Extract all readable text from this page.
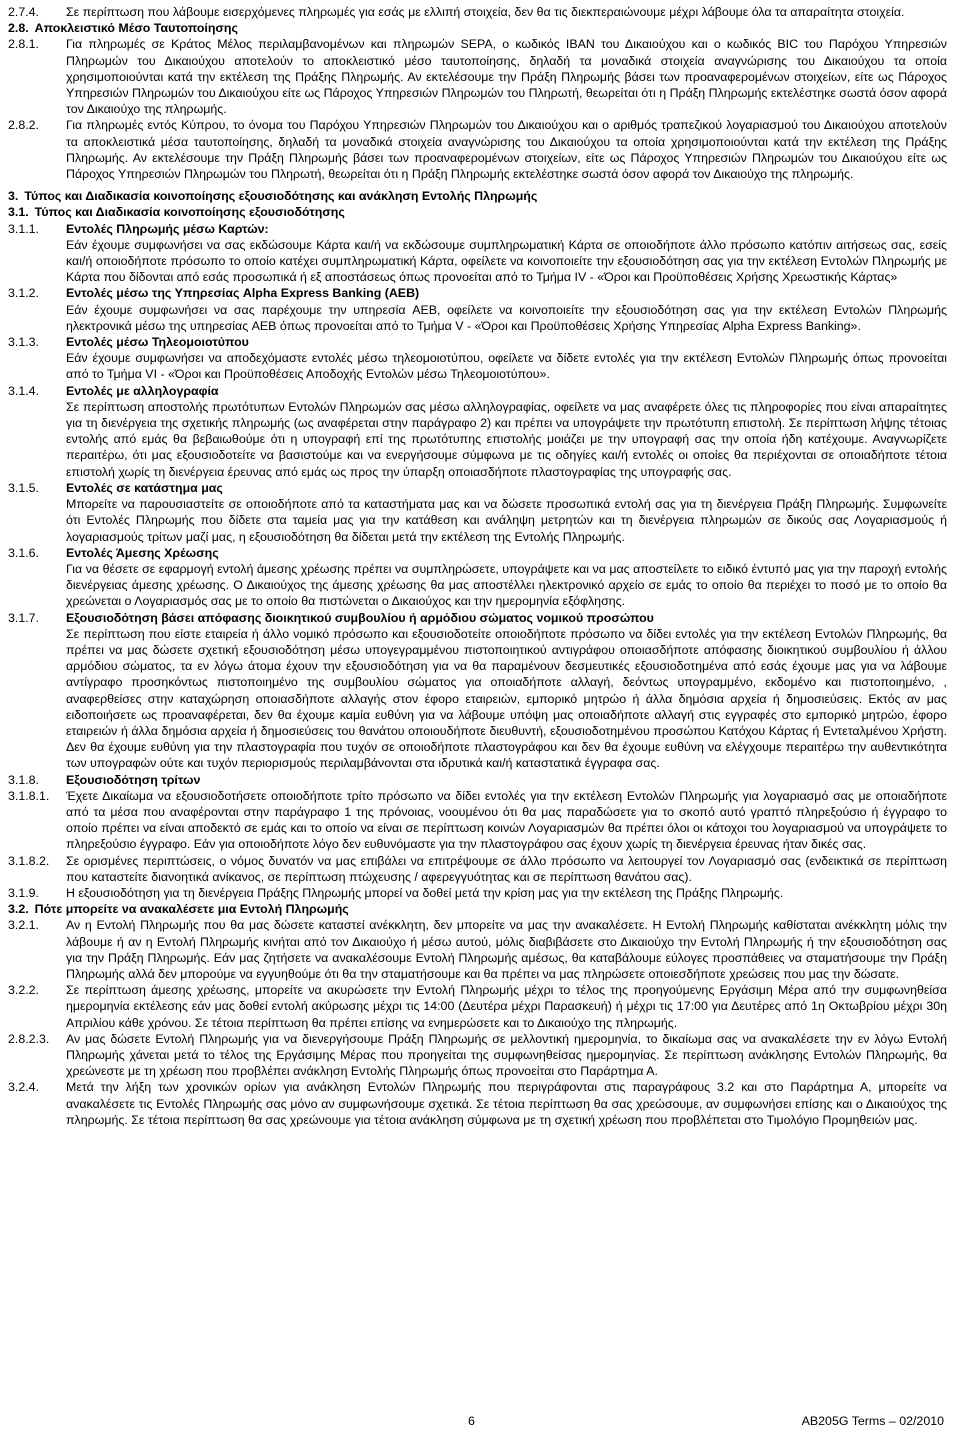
2.7.4.	Σε περίπτωση που λάβουμε εισερχόμενες πληρωμές για εσάς με ελλιπή στοιχεία, δεν θα τις διεκπεραιώνουμε μέχρι λάβουμε όλα τα απαραίτητα στοιχεία.
2.8. Αποκλειστικό Μέσο Ταυτοποίησης
2.8.1.	Για πληρωμές σε Κράτος Μέλος περιλαμβανομένων και πληρωμών SEPA, ο κωδικός IBAN του Δικαιούχου και ο κωδικός BIC του Παρόχου Υπηρεσιών Πληρωμών του Δικαιούχου αποτελούν το αποκλειστικό μέσο ταυτοποίησης, δηλαδή τα μοναδικά στοιχεία αναγνώρισης του Δικαιούχου τα οποία χρησιμοποιούνται κατά την εκτέλεση της Πράξης Πληρωμής. Αν εκτελέσουμε την Πράξη Πληρωμής βάσει των προαναφερομένων στοιχείων, είτε ως Πάροχος Υπηρεσιών Πληρωμών του Δικαιούχου είτε ως Πάροχος Υπηρεσιών Πληρωμών του Πληρωτή, θεωρείται ότι η Πράξη Πληρωμής εκτελέστηκε σωστά όσον αφορά τον Δικαιούχο της πληρωμής.
2.8.2.	Για πληρωμές εντός Κύπρου, το όνομα του Παρόχου Υπηρεσιών Πληρωμών του Δικαιούχου και ο αριθμός τραπεζικού λογαριασμού του Δικαιούχου αποτελούν τα αποκλειστικά μέσα ταυτοποίησης, δηλαδή τα μοναδικά στοιχεία αναγνώρισης του Δικαιούχου τα οποία χρησιμοποιούνται κατά την εκτέλεση της Πράξης Πληρωμής. Αν εκτελέσουμε την Πράξη Πληρωμής βάσει των προαναφερομένων στοιχείων, είτε ως Πάροχος Υπηρεσιών Πληρωμών του Δικαιούχου είτε ως Πάροχος Υπηρεσιών Πληρωμών του Πληρωτή, θεωρείται ότι η Πράξη Πληρωμής εκτελέστηκε σωστά όσον αφορά τον Δικαιούχο της πληρωμής.
3. Τύπος και Διαδικασία κοινοποίησης εξουσιοδότησης και ανάκληση Εντολής Πληρωμής
3.1. Τύπος και Διαδικασία κοινοποίησης εξουσιοδότησης
3.1.1.	Εντολές Πληρωμής μέσω Καρτών:
Εάν έχουμε συμφωνήσει να σας εκδώσουμε Κάρτα και/ή να εκδώσουμε συμπληρωματική Κάρτα σε οποιοδήποτε άλλο πρόσωπο κατόπιν αιτήσεως σας, εσείς και/ή οποιοδήποτε πρόσωπο το οποίο κατέχει συμπληρωματική Κάρτα, οφείλετε να κοινοποιείτε την εξουσιοδότηση σας για την εκτέλεση Εντολών Πληρωμής με Κάρτα που δίδονται από εσάς προσωπικά ή εξ αποστάσεως όπως προνοείται από το Τμήμα IV - «Όροι και Προϋποθέσεις Χρήσης Χρεωστικής Κάρτας»
3.1.2.	Εντολές μέσω της Υπηρεσίας Alpha Express Banking (AEB)
Εάν έχουμε συμφωνήσει να σας παρέχουμε την υπηρεσία AEB, οφείλετε να κοινοποιείτε την εξουσιοδότηση σας για την εκτέλεση Εντολών Πληρωμής ηλεκτρονικά μέσω της υπηρεσίας AEB όπως προνοείται από το Τμήμα V - «Όροι και Προϋποθέσεις Χρήσης Υπηρεσίας Alpha Express Banking».
3.1.3.	Εντολές μέσω Τηλεομοιοτύπου
Εάν έχουμε συμφωνήσει να αποδεχόμαστε εντολές μέσω τηλεομοιοτύπου, οφείλετε να δίδετε εντολές για την εκτέλεση Εντολών Πληρωμής όπως προνοείται από το Τμήμα VI - «Όροι και Προϋποθέσεις Αποδοχής Εντολών μέσω Τηλεομοιοτύπου».
3.1.4.	Εντολές με αλληλογραφία
Σε περίπτωση αποστολής πρωτότυπων Εντολών Πληρωμών σας μέσω αλληλογραφίας, οφείλετε να μας αναφέρετε όλες τις πληροφορίες που είναι απαραίτητες για τη διενέργεια της σχετικής πληρωμής (ως αναφέρεται στην παράγραφο 2) και πρέπει να υπογράψετε την πρωτότυπη επιστολή. Σε περίπτωση λήψης τέτοιας εντολής από εμάς θα βεβαιωθούμε ότι η υπογραφή επί της πρωτότυπης επιστολής μοιάζει με την υπογραφή σας την οποία ήδη κατέχουμε. Αναγνωρίζετε περαιτέρω, ότι μας εξουσιοδοτείτε να βασιστούμε και να ενεργήσουμε σύμφωνα με τις οδηγίες και/ή εντολές οι οποίες θα περιέχονται σε οποιαδήποτε τέτοια επιστολή χωρίς τη διενέργεια έρευνας από εμάς ως προς την ύπαρξη οποιασδήποτε πλαστογραφίας της υπογραφής σας.
3.1.5.	Εντολές σε κατάστημα μας
Μπορείτε να παρουσιαστείτε σε οποιοδήποτε από τα καταστήματα μας και να δώσετε προσωπικά εντολή σας για τη διενέργεια Πράξη Πληρωμής. Συμφωνείτε ότι Εντολές Πληρωμής που δίδετε στα ταμεία μας για την κατάθεση και ανάληψη μετρητών και τη διενέργεια πληρωμών σε δικούς σας Λογαριασμούς ή λογαριασμούς τρίτων μαζί μας, η εξουσιοδότηση θα δίδεται μετά την εκτέλεση της Εντολής Πληρωμής.
3.1.6.	Εντολές Άμεσης Χρέωσης
Για να θέσετε σε εφαρμογή εντολή άμεσης χρέωσης πρέπει να συμπληρώσετε, υπογράψετε και να μας αποστείλετε το ειδικό έντυπό μας για την παροχή εντολής διενέργειας άμεσης χρέωσης. Ο Δικαιούχος της άμεσης χρέωσης θα μας αποστέλλει ηλεκτρονικό αρχείο σε εμάς το οποίο θα περιέχει το ποσό με το οποίο θα χρεώνεται ο Λογαριασμός σας με το οποίο θα πιστώνεται ο Δικαιούχος και την ημερομηνία εξόφλησης.
3.1.7.	Εξουσιοδότηση βάσει απόφασης διοικητικού συμβουλίου ή αρμόδιου σώματος νομικού προσώπου
Σε περίπτωση που είστε εταιρεία ή άλλο νομικό πρόσωπο και εξουσιοδοτείτε οποιοδήποτε πρόσωπο να δίδει εντολές για την εκτέλεση Εντολών Πληρωμής, θα πρέπει να μας δώσετε σχετική εξουσιοδότηση μέσω υπογεγραμμένου πιστοποιητικού αντιγράφου οποιασδήποτε απόφασης διοικητικού συμβουλίου ή άλλου αρμόδιου σώματος, τα εν λόγω άτομα έχουν την εξουσιοδότηση για να θα παραμένουν δεσμευτικές εξουσιοδοτημένα από εσάς έχουμε μας για να λάβουμε αντίγραφο προσηκόντως πιστοποιημένο της συμβουλίου σώματος για οποιαδήποτε αλλαγή, δεόντως υπογραμμένο, εκδομένο και πιστοποιημένο, , αναφερθείσες στην καταχώρηση οποιασδήποτε αλλαγής στον έφορο εταιρειών, εμπορικό μητρώο ή άλλα δημόσια αρχεία ή δημοσιεύσεις. Εκτός αν μας ειδοποιήσετε ως προαναφέρεται, δεν θα έχουμε καμία ευθύνη για να λάβουμε υπόψη μας οποιαδήποτε αλλαγή στις εγγραφές στο εμπορικό μητρώο, έφορο εταιρειών ή άλλα δημόσια αρχεία ή δημοσιεύσεις του θανάτου οποιουδήποτε διευθυντή, εξουσιοδοτημένου προσώπου Κατόχου Κάρτας ή Εντεταλμένου Χρήστη. Δεν θα έχουμε ευθύνη για την πλαστογραφία που τυχόν σε οποιοδήποτε πλαστογράφου και δεν θα έχουμε ευθύνη να ελέγχουμε περαιτέρω την αυθεντικότητα των υπογραφών ούτε και τυχόν περιορισμούς περιλαμβάνονται στα ιδρυτικά και/ή καταστατικά έγγραφα σας.
3.1.8.	Εξουσιοδότηση τρίτων
3.1.8.1.	Έχετε Δικαίωμα να εξουσιοδοτήσετε οποιοδήποτε τρίτο πρόσωπο να δίδει εντολές για την εκτέλεση Εντολών Πληρωμής για λογαριασμό σας με οποιαδήποτε από τα μέσα που αναφέρονται στην παράγραφο 1 της πρόνοιας, νοουμένου ότι θα μας παραδώσετε για το σκοπό αυτό γραπτό πληρεξούσιο ή έγγραφο το οποίο πρέπει να είναι αποδεκτό σε εμάς και το οποίο να είναι σε περίπτωση κοινών Λογαριασμών θα πρέπει όλοι οι κάτοχοι του λογαριασμού να υπογράψετε το πληρεξούσιο έγγραφο. Εάν για οποιοδήποτε λόγο δεν ευθυνόμαστε για την πλαστογράφου σας έχουν χωρίς τη διενέργεια έρευνας ήταν δικές σας.
3.1.8.2.	Σε ορισμένες περιπτώσεις, ο νόμος δυνατόν να μας επιβάλει να επιτρέψουμε σε άλλο πρόσωπο να λειτουργεί τον Λογαριασμό σας (ενδεικτικά σε περίπτωση που καταστείτε διανοητικά ανίκανος, σε περίπτωση πτώχευσης / αφερεγγυότητας και σε περίπτωση θανάτου σας).
3.1.9.	Η εξουσιοδότηση για τη διενέργεια Πράξης Πληρωμής μπορεί να δοθεί μετά την κρίση μας για την εκτέλεση της Πράξης Πληρωμής.
3.2. Πότε μπορείτε να ανακαλέσετε μια Εντολή Πληρωμής
3.2.1.	Αν η Εντολή Πληρωμής που θα μας δώσετε καταστεί ανέκκλητη, δεν μπορείτε να μας την ανακαλέσετε. Η Εντολή Πληρωμής καθίσταται ανέκκλητη μόλις την λάβουμε ή αν η Εντολή Πληρωμής κινήται από τον Δικαιούχο ή μέσω αυτού, μόλις διαβιβάσετε στο Δικαιούχο την Εντολή Πληρωμής ή την εξουσιοδότηση σας για την Πράξη Πληρωμής. Εάν μας ζητήσετε να ανακαλέσουμε Εντολή Πληρωμής αμέσως, θα καταβάλουμε εύλογες προσπάθειες να σταματήσουμε την Πράξη Πληρωμής αλλά δεν μπορούμε να εγγυηθούμε ότι θα την σταματήσουμε και θα πρέπει να μας πληρώσετε οποιεσδήποτε χρεώσεις που μας την δώσατε.
3.2.2.	Σε περίπτωση άμεσης χρέωσης, μπορείτε να ακυρώσετε την Εντολή Πληρωμής μέχρι το τέλος της προηγούμενης Εργάσιμη Μέρα από την συμφωνηθείσα ημερομηνία εκτέλεσης εάν μας δοθεί εντολή ακύρωσης μέχρι τις 14:00 (Δευτέρα μέχρι Παρασκευή) ή μέχρι τις 17:00 για Δευτέρες από 1η Οκτωβρίου μέχρι 30η Απριλίου κάθε χρόνου. Σε τέτοια περίπτωση θα πρέπει επίσης να ενημερώσετε και το Δικαιούχο της πληρωμής.
2.8.2.3.	Αν μας δώσετε Εντολή Πληρωμής για να διενεργήσουμε Πράξη Πληρωμής σε μελλοντική ημερομηνία, το δικαίωμα σας να ανακαλέσετε την εν λόγω Εντολή Πληρωμής χάνεται μετά το τέλος της Εργάσιμης Μέρας που προηγείται της συμφωνηθείσας ημερομηνίας. Σε περίπτωση ανάκλησης Εντολών Πληρωμής, θα χρεώνεστε με τη χρέωση που προβλέπει ανάκληση Εντολής Πληρωμής όπως προνοείται στο Παράρτημα Α.
3.2.4.	Μετά την λήξη των χρονικών ορίων για ανάκληση Εντολών Πληρωμής που περιγράφονται στις παραγράφους 3.2 και στο Παράρτημα Α, μπορείτε να ανακαλέσετε τις Εντολές Πληρωμής σας μόνο αν συμφωνήσουμε σχετικά. Σε τέτοια περίπτωση θα σας χρεώσουμε, αν συμφωνήσει επίσης και ο Δικαιούχος της πληρωμής. Σε τέτοια περίπτωση θα σας χρεώνουμε για τέτοια ανάκληση σύμφωνα με τη σχετική χρέωση που προβλέπεται στο Τιμολόγιο Προμηθειών μας.
6	AB205G Terms – 02/2010
